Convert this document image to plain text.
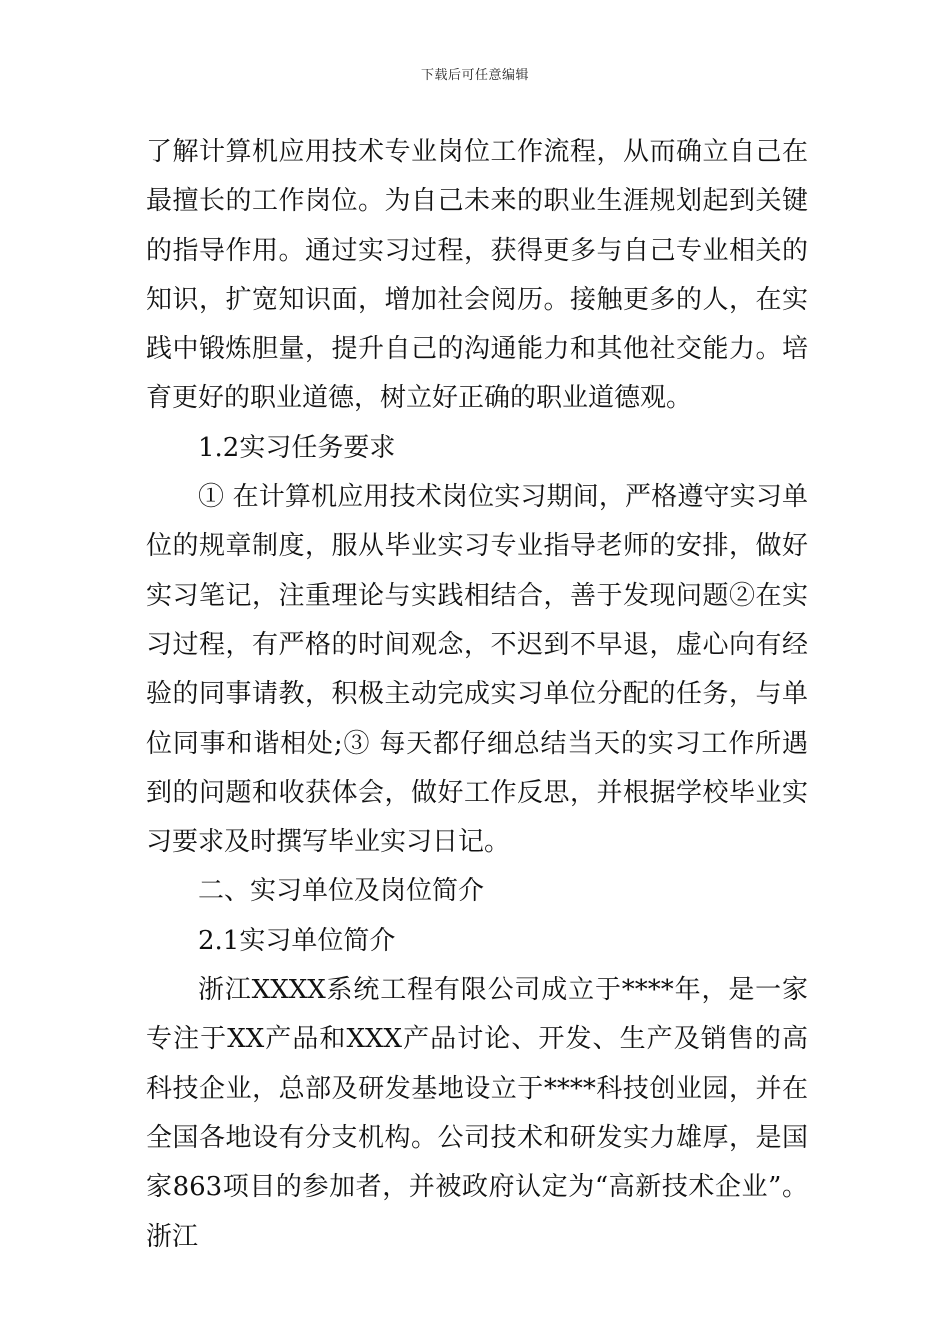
下载后可任意编辑

了解计算机应用技术专业岗位工作流程，从而确立自己在最擅长的工作岗位。为自己未来的职业生涯规划起到关键的指导作用。通过实习过程，获得更多与自己专业相关的知识，扩宽知识面，增加社会阅历。接触更多的人，在实践中锻炼胆量，提升自己的沟通能力和其他社交能力。培育更好的职业道德，树立好正确的职业道德观。

1.2实习任务要求

① 在计算机应用技术岗位实习期间，严格遵守实习单位的规章制度，服从毕业实习专业指导老师的安排，做好实习笔记，注重理论与实践相结合，善于发现问题②在实习过程，有严格的时间观念，不迟到不早退，虚心向有经验的同事请教，积极主动完成实习单位分配的任务，与单位同事和谐相处;③ 每天都仔细总结当天的实习工作所遇到的问题和收获体会，做好工作反思，并根据学校毕业实习要求及时撰写毕业实习日记。

二、实习单位及岗位简介

2.1实习单位简介

浙江XXXX系统工程有限公司成立于****年，是一家专注于XX产品和XXX产品讨论、开发、生产及销售的高科技企业，总部及研发基地设立于****科技创业园，并在全国各地设有分支机构。公司技术和研发实力雄厚，是国家863项目的参加者，并被政府认定为“高新技术企业”。浙江
